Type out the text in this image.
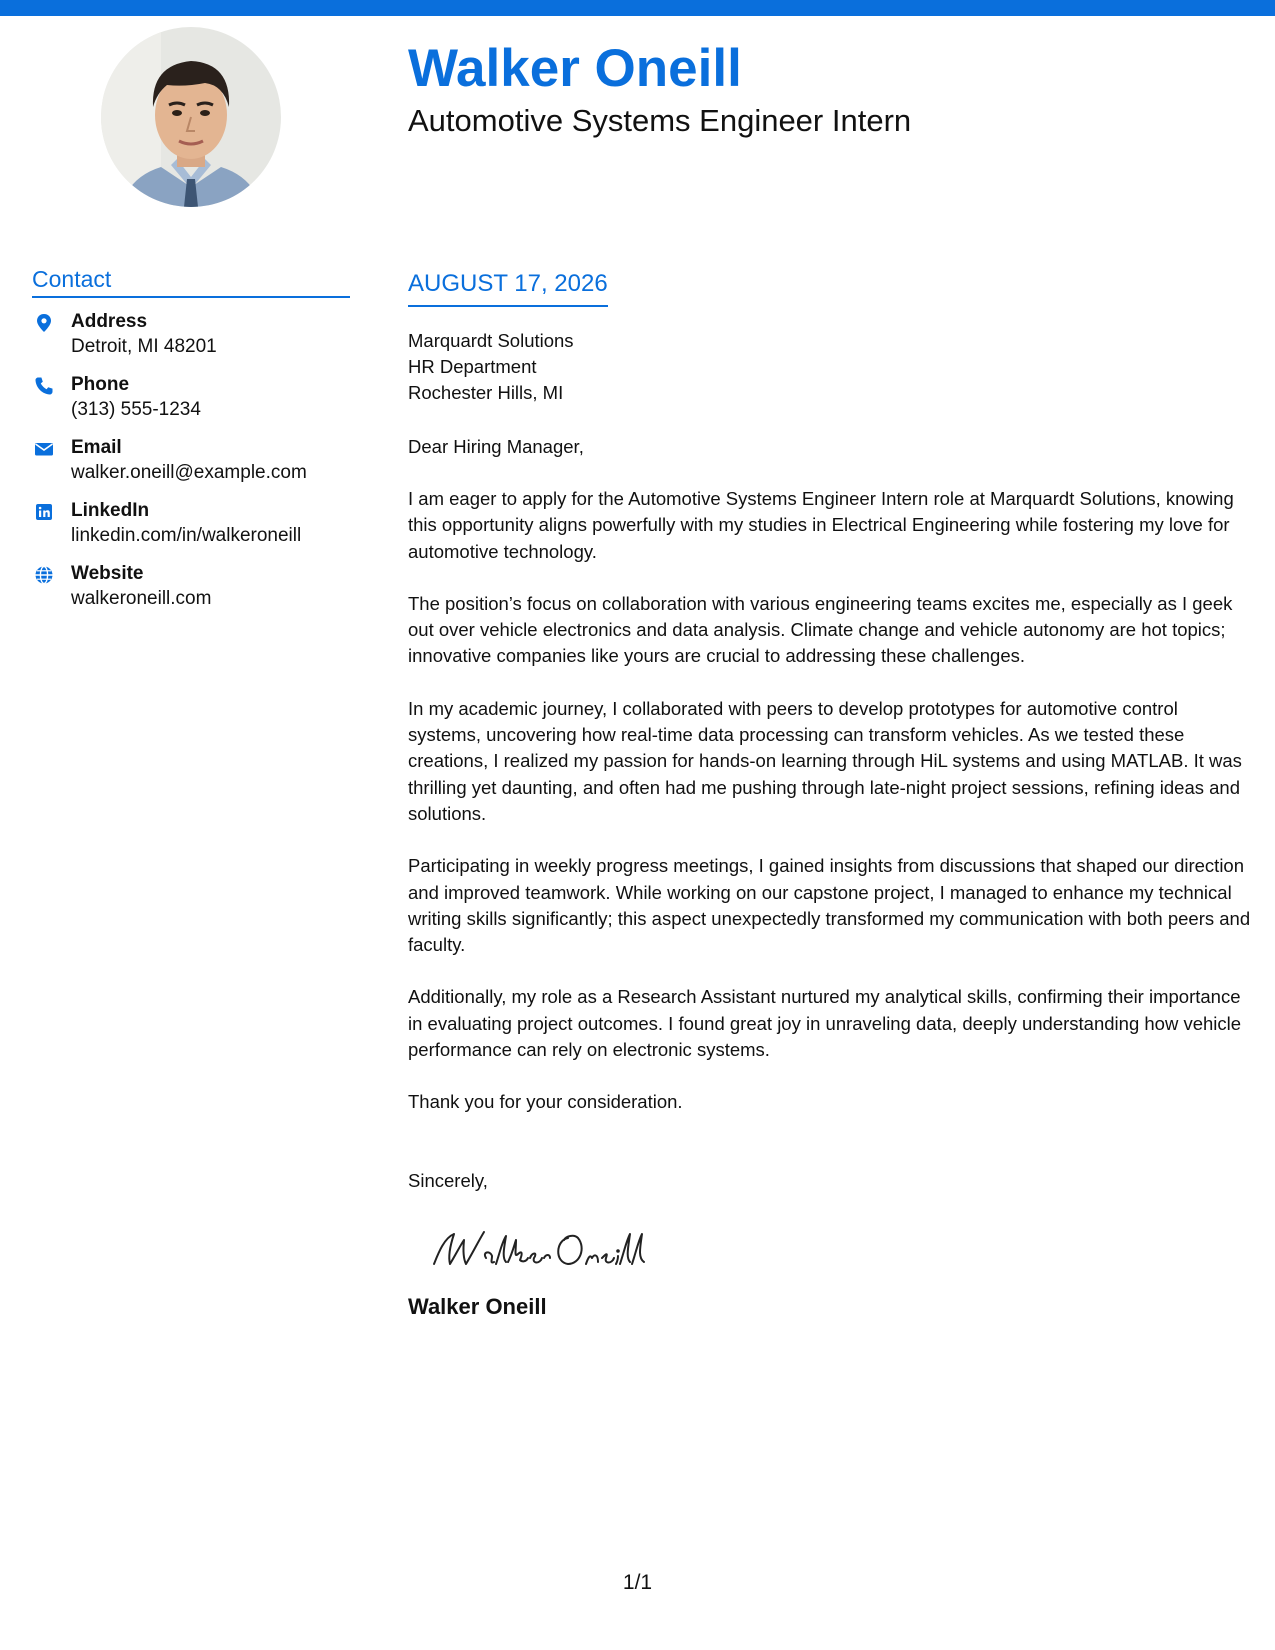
Walker Oneill
Automotive Systems Engineer Intern
Contact
Address
Detroit, MI 48201
Phone
(313) 555-1234
Email
walker.oneill@example.com
LinkedIn
linkedin.com/in/walkeroneill
Website
walkeroneill.com
AUGUST 17, 2026
Marquardt Solutions
HR Department
Rochester Hills, MI
Dear Hiring Manager,
I am eager to apply for the Automotive Systems Engineer Intern role at Marquardt Solutions, knowing this opportunity aligns powerfully with my studies in Electrical Engineering while fostering my love for automotive technology.
The position’s focus on collaboration with various engineering teams excites me, especially as I geek out over vehicle electronics and data analysis. Climate change and vehicle autonomy are hot topics; innovative companies like yours are crucial to addressing these challenges.
In my academic journey, I collaborated with peers to develop prototypes for automotive control systems, uncovering how real-time data processing can transform vehicles. As we tested these creations, I realized my passion for hands-on learning through HiL systems and using MATLAB. It was thrilling yet daunting, and often had me pushing through late-night project sessions, refining ideas and solutions.
Participating in weekly progress meetings, I gained insights from discussions that shaped our direction and improved teamwork. While working on our capstone project, I managed to enhance my technical writing skills significantly; this aspect unexpectedly transformed my communication with both peers and faculty.
Additionally, my role as a Research Assistant nurtured my analytical skills, confirming their importance in evaluating project outcomes. I found great joy in unraveling data, deeply understanding how vehicle performance can rely on electronic systems.
Thank you for your consideration.
Sincerely,
Walker Oneill
1/1
